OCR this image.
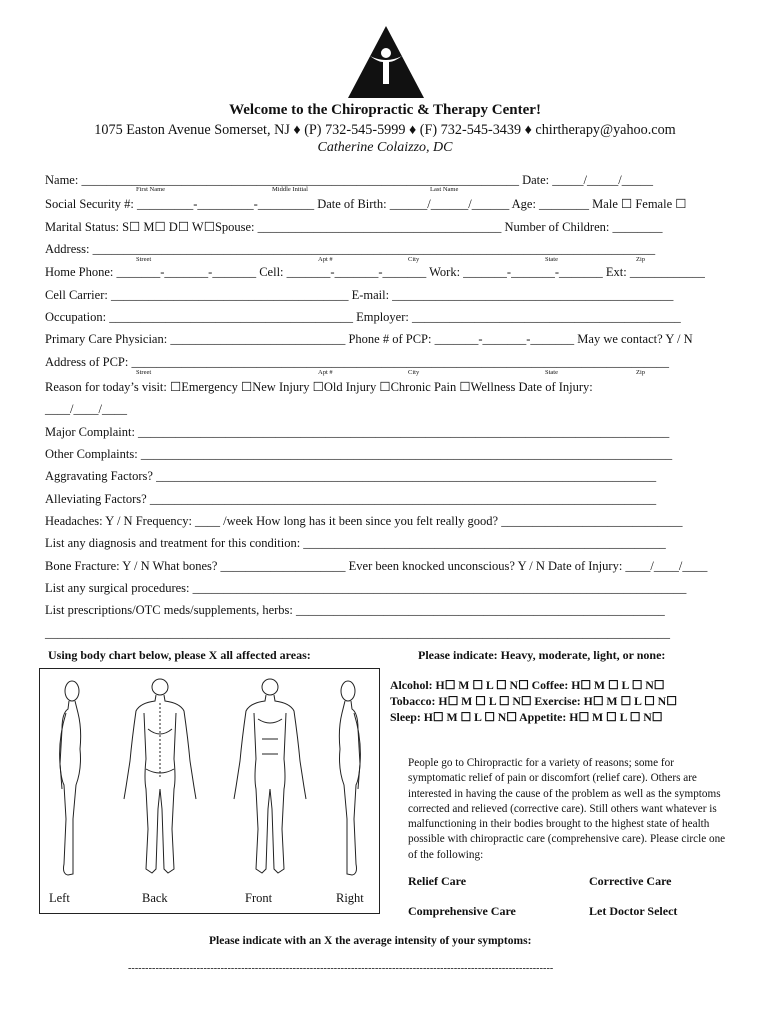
Welcome to the Chiropractic & Therapy Center!
1075 Easton Avenue Somerset, NJ ♦ (P) 732-545-5999 ♦ (F) 732-545-3439 ♦ chirtherapy@yahoo.com
Catherine Colaizzo, DC
Name: ______________________________________________________________________ Date: _____/_____/_____
First Name	Middle Initial	Last Name
Social Security #: _________-_________-_________ Date of Birth: ______/______/______ Age: ________ Male ☐ Female ☐
Marital Status: S☐ M☐ D☐ W☐Spouse: _______________________________________ Number of Children: ________
Address: __________________________________________________________________________________________
Street	Apt #	City	State	Zip
Home Phone: _______-_______-_______ Cell: _______-_______-_______ Work: _______-_______-_______ Ext: ____________
Cell Carrier: ______________________________________ E-mail: _____________________________________________
Occupation: _______________________________________ Employer: ___________________________________________
Primary Care Physician: ____________________________ Phone # of PCP: _______-_______-_______ May we contact? Y / N
Address of PCP: ______________________________________________________________________________________
Street	Apt #	City	State	Zip
Reason for today’s visit: ☐Emergency ☐New Injury ☐Old Injury ☐Chronic Pain ☐Wellness Date of Injury:
____/____/____
Major Complaint: _____________________________________________________________________________________
Other Complaints: _____________________________________________________________________________________
Aggravating Factors? ________________________________________________________________________________
Alleviating Factors? _________________________________________________________________________________
Headaches: Y / N Frequency: ____ /week How long has it been since you felt really good? _____________________________
List any diagnosis and treatment for this condition: __________________________________________________________
Bone Fracture: Y / N What bones? ____________________ Ever been knocked unconscious? Y / N Date of Injury: ____/____/____
List any surgical procedures: _______________________________________________________________________________
List prescriptions/OTC meds/supplements, herbs: ___________________________________________________________
____________________________________________________________________________________________________
Using body chart below, please X all affected areas:	Please indicate: Heavy, moderate, light, or none:
Left	Back	Front	Right
Alcohol: H☐ M ☐ L ☐ N☐ Coffee: H☐ M ☐ L ☐ N☐
Tobacco: H☐ M ☐ L ☐ N☐ Exercise: H☐ M ☐ L ☐ N☐
Sleep: H☐ M ☐ L ☐ N☐ Appetite: H☐ M ☐ L ☐ N☐
People go to Chiropractic for a variety of reasons; some for symptomatic relief of pain or discomfort (relief care). Others are interested in having the cause of the problem as well as the symptoms corrected and relieved (corrective care). Still others want whatever is malfunctioning in their bodies brought to the highest state of health possible with chiropractic care (comprehensive care). Please circle one of the following:
Relief Care	Corrective Care
Comprehensive Care	Let Doctor Select
Please indicate with an X the average intensity of your symptoms:
----------------------------------------------------------------------------------------------------------------------------
